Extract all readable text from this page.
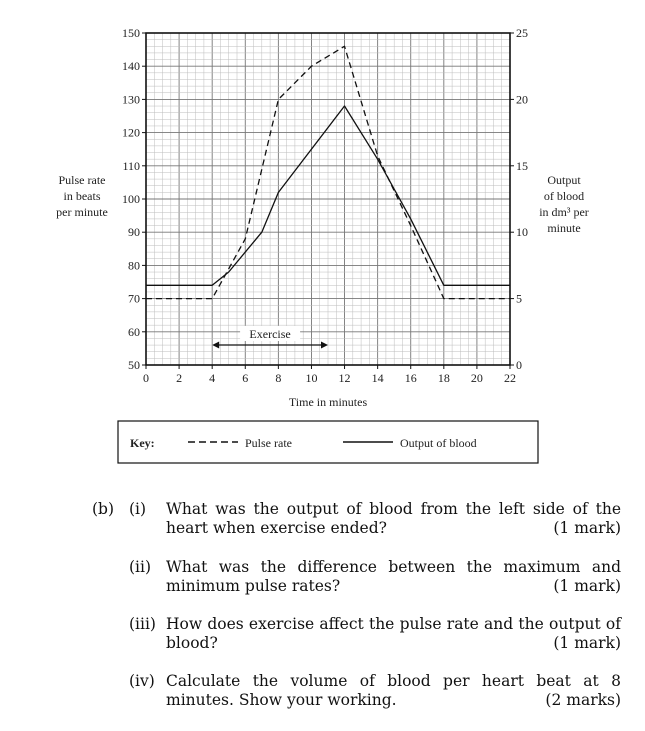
0 2 4 6 8 10 12 14 16 18 20 22
50
60
70
80
90
100
110
120
130
140
150
0
5
10
15
20
25
Exercise
Pulse rate
in beats
per minute
Output
of blood
in dm³ per
minute
Time in minutes
Key:	Pulse rate	Output of blood
(b) (i) What was the output of blood from the left side of the
heart when exercise ended?	(1 mark)
(ii) What was the difference between the maximum and
minimum pulse rates?	(1 mark)
(iii) How does exercise affect the pulse rate and the output of
blood?	(1 mark)
(iv) Calculate the volume of blood per heart beat at 8
minutes. Show your working.	(2 marks)
